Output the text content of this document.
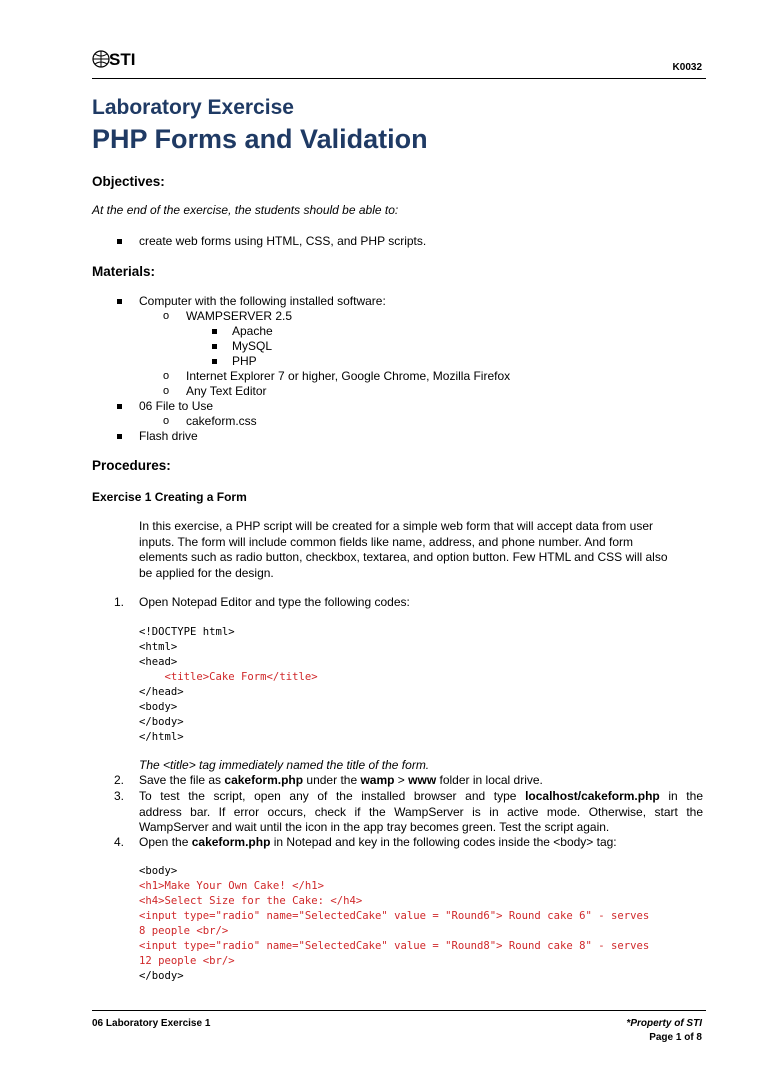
STI	K0032
Laboratory Exercise
PHP Forms and Validation
Objectives:
At the end of the exercise, the students should be able to:
create web forms using HTML, CSS, and PHP scripts.
Materials:
Computer with the following installed software:
o WAMPSERVER 2.5
Apache
MySQL
PHP
o Internet Explorer 7 or higher, Google Chrome, Mozilla Firefox
o Any Text Editor
06 File to Use
o cakeform.css
Flash drive
Procedures:
Exercise 1 Creating a Form
In this exercise, a PHP script will be created for a simple web form that will accept data from user
inputs. The form will include common fields like name, address, and phone number. And form
elements such as radio button, checkbox, textarea, and option button. Few HTML and CSS will also
be applied for the design.
1. Open Notepad Editor and type the following codes:
<!DOCTYPE html>
<html>
<head>
<title>Cake Form</title>
</head>
<body>
</body>
</html>
The <title> tag immediately named the title of the form.
2. Save the file as cakeform.php under the wamp > www folder in local drive.
3. To test the script, open any of the installed browser and type localhost/cakeform.php in the
address bar. If error occurs, check if the WampServer is in active mode. Otherwise, start the
WampServer and wait until the icon in the app tray becomes green. Test the script again.
4. Open the cakeform.php in Notepad and key in the following codes inside the <body> tag:
<body>
<h1>Make Your Own Cake! </h1>
<h4>Select Size for the Cake: </h4>
<input type="radio" name="SelectedCake" value = "Round6"> Round cake 6" - serves
8 people <br/>
<input type="radio" name="SelectedCake" value = "Round8"> Round cake 8" - serves
12 people <br/>
</body>
06 Laboratory Exercise 1	*Property of STI
Page 1 of 8
